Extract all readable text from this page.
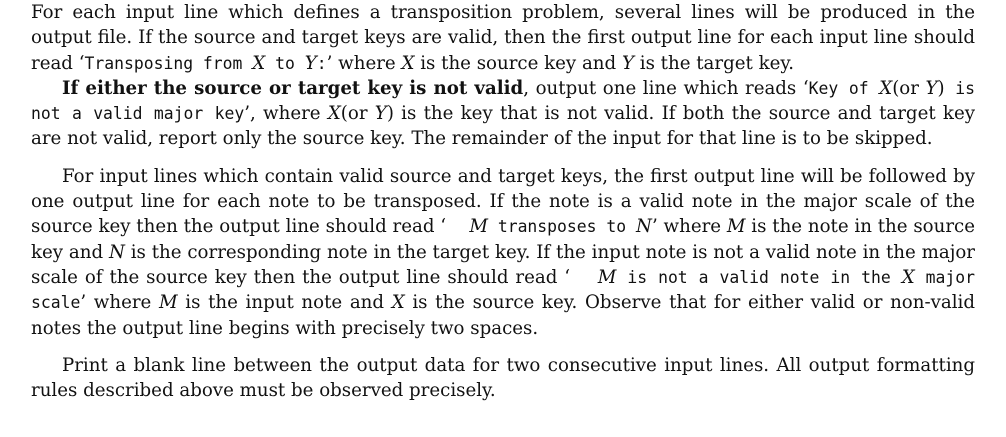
For each input line which defines a transposition problem, several lines will be produced in the output file. If the source and target keys are valid, then the first output line for each input line should read ‘Transposing from X to Y:’ where X is the source key and Y is the target key.

If either the source or target key is not valid, output one line which reads ‘Key of X(or Y) is not a valid major key’, where X(or Y) is the key that is not valid. If both the source and target key are not valid, report only the source key. The remainder of the input for that line is to be skipped.

For input lines which contain valid source and target keys, the first output line will be followed by one output line for each note to be transposed. If the note is a valid note in the major scale of the source key then the output line should read ‘ M transposes to N’ where M is the note in the source key and N is the corresponding note in the target key. If the input note is not a valid note in the major scale of the source key then the output line should read ‘ M is not a valid note in the X major scale’ where M is the input note and X is the source key. Observe that for either valid or non-valid notes the output line begins with precisely two spaces.

Print a blank line between the output data for two consecutive input lines. All output formatting rules described above must be observed precisely.
